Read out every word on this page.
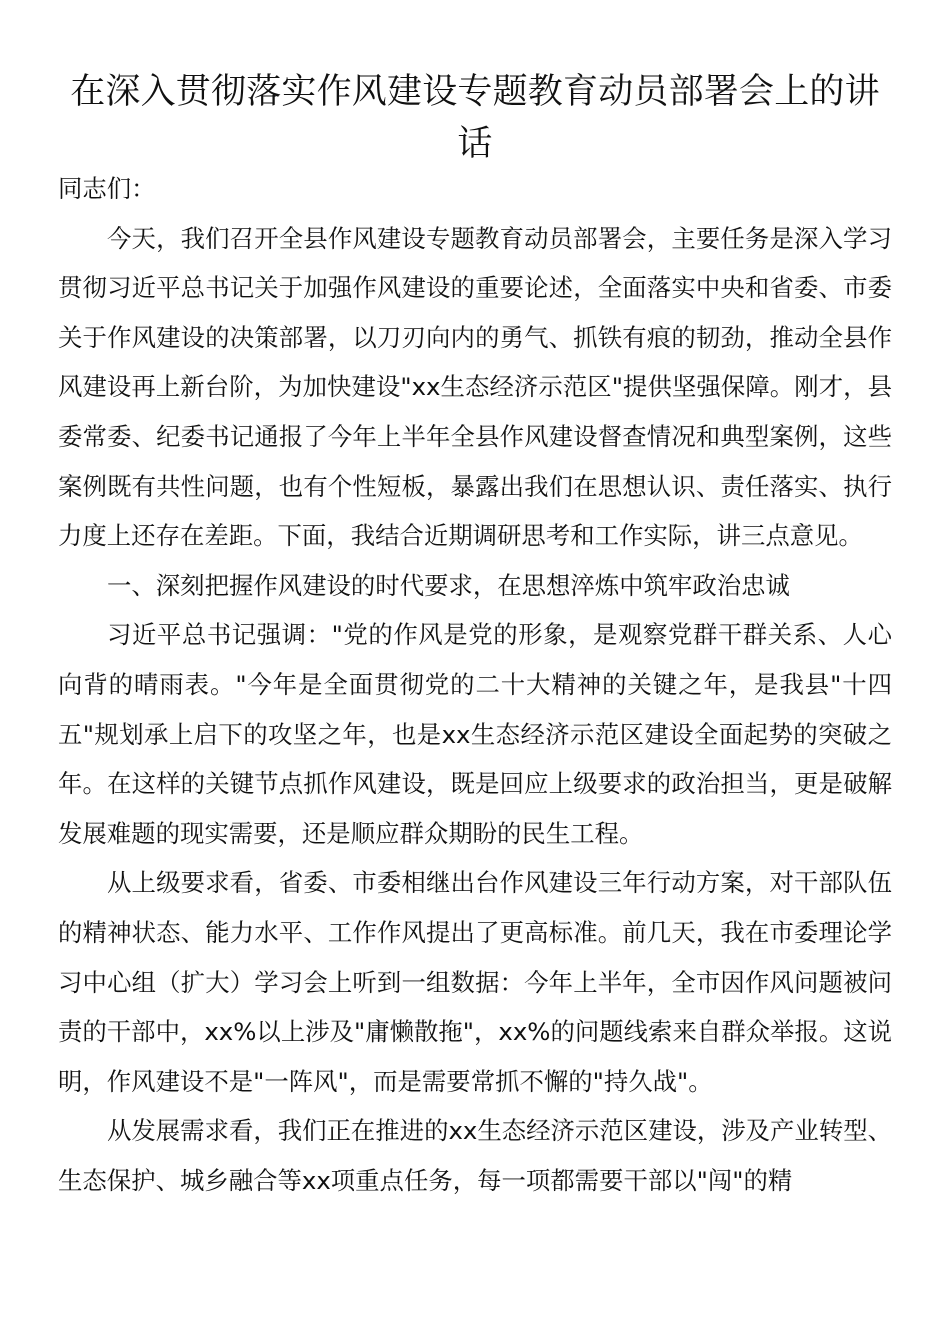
在深入贯彻落实作风建设专题教育动员部署会上的讲话

同志们：

今天，我们召开全县作风建设专题教育动员部署会，主要任务是深入学习贯彻习近平总书记关于加强作风建设的重要论述，全面落实中央和省委、市委关于作风建设的决策部署，以刀刃向内的勇气、抓铁有痕的韧劲，推动全县作风建设再上新台阶，为加快建设"xx生态经济示范区"提供坚强保障。刚才，县委常委、纪委书记通报了今年上半年全县作风建设督查情况和典型案例，这些案例既有共性问题，也有个性短板，暴露出我们在思想认识、责任落实、执行力度上还存在差距。下面，我结合近期调研思考和工作实际，讲三点意见。

一、深刻把握作风建设的时代要求，在思想淬炼中筑牢政治忠诚

习近平总书记强调："党的作风是党的形象，是观察党群干群关系、人心向背的晴雨表。"今年是全面贯彻党的二十大精神的关键之年，是我县"十四五"规划承上启下的攻坚之年，也是xx生态经济示范区建设全面起势的突破之年。在这样的关键节点抓作风建设，既是回应上级要求的政治担当，更是破解发展难题的现实需要，还是顺应群众期盼的民生工程。

从上级要求看，省委、市委相继出台作风建设三年行动方案，对干部队伍的精神状态、能力水平、工作作风提出了更高标准。前几天，我在市委理论学习中心组（扩大）学习会上听到一组数据：今年上半年，全市因作风问题被问责的干部中，xx%以上涉及"庸懒散拖"，xx%的问题线索来自群众举报。这说明，作风建设不是"一阵风"，而是需要常抓不懈的"持久战"。

从发展需求看，我们正在推进的xx生态经济示范区建设，涉及产业转型、生态保护、城乡融合等xx项重点任务，每一项都需要干部以"闯"的精
